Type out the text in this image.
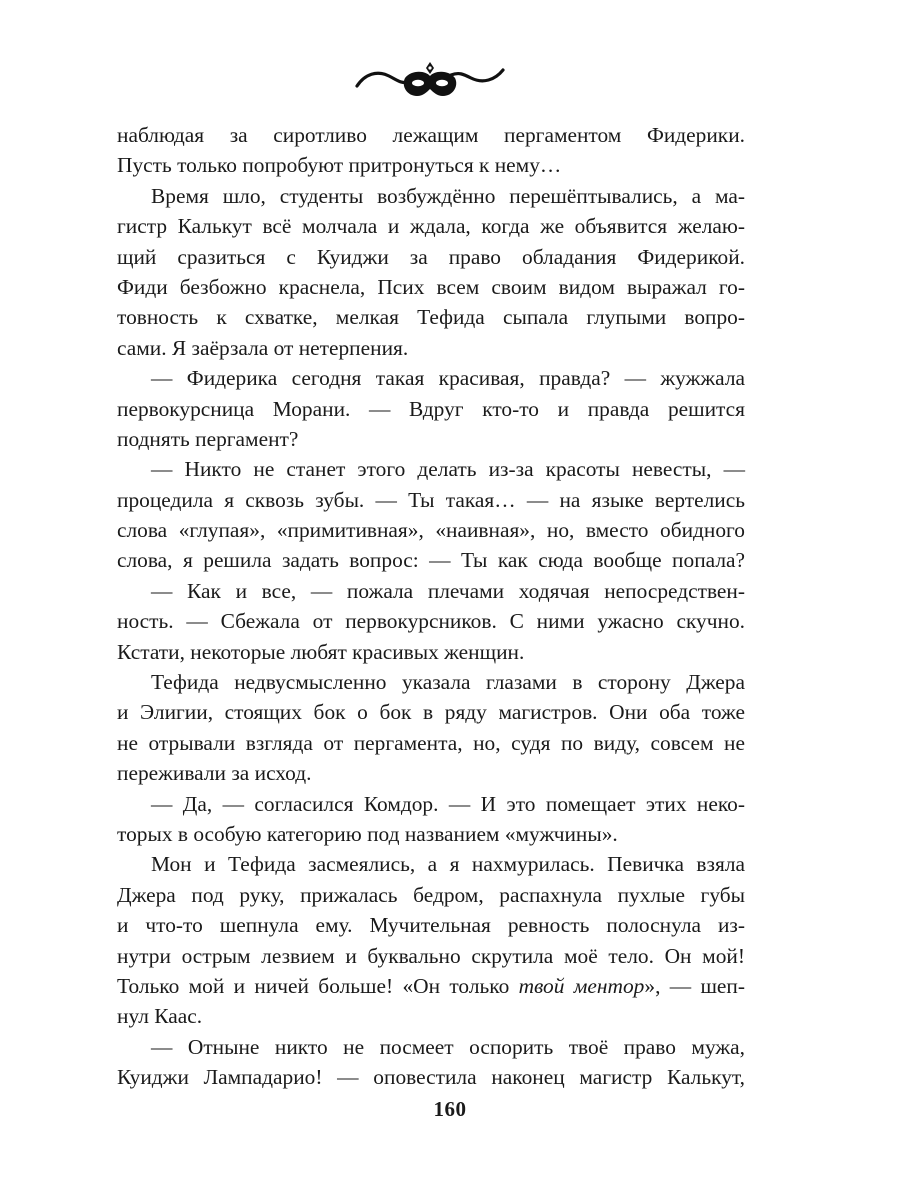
наблюдая за сиротливо лежащим пергаментом Фидерики.
Пусть только попробуют притронуться к нему…
Время шло, студенты возбуждённо перешёптывались, а ма-
гистр Калькут всё молчала и ждала, когда же объявится желаю-
щий сразиться с Куиджи за право обладания Фидерикой.
Фиди безбожно краснела, Псих всем своим видом выражал го-
товность к схватке, мелкая Тефида сыпала глупыми вопро-
сами. Я заёрзала от нетерпения.
— Фидерика сегодня такая красивая, правда? — жужжала
первокурсница Морани. — Вдруг кто-то и правда решится
поднять пергамент?
— Никто не станет этого делать из-за красоты невесты, —
процедила я сквозь зубы. — Ты такая… — на языке вертелись
слова «глупая», «примитивная», «наивная», но, вместо обидного
слова, я решила задать вопрос: — Ты как сюда вообще попала?
— Как и все, — пожала плечами ходячая непосредствен-
ность. — Сбежала от первокурсников. С ними ужасно скучно.
Кстати, некоторые любят красивых женщин.
Тефида недвусмысленно указала глазами в сторону Джера
и Элигии, стоящих бок о бок в ряду магистров. Они оба тоже
не отрывали взгляда от пергамента, но, судя по виду, совсем не
переживали за исход.
— Да, — согласился Комдор. — И это помещает этих неко-
торых в особую категорию под названием «мужчины».
Мон и Тефида засмеялись, а я нахмурилась. Певичка взяла
Джера под руку, прижалась бедром, распахнула пухлые губы
и что-то шепнула ему. Мучительная ревность полоснула из-
нутри острым лезвием и буквально скрутила моё тело. Он мой!
Только мой и ничей больше! «Он только твой ментор», — шеп-
нул Каас.
— Отныне никто не посмеет оспорить твоё право мужа,
Куиджи Лампадарио! — оповестила наконец магистр Калькут,
160
